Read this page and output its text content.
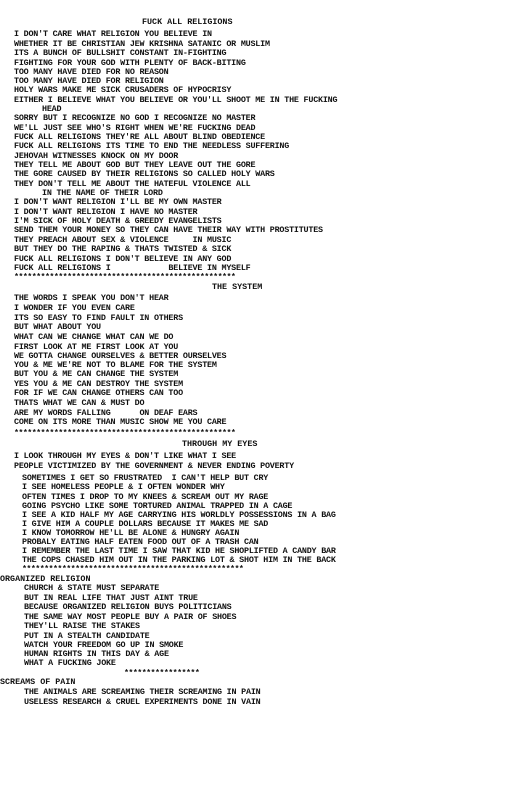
FUCK ALL RELIGIONS
I DON'T CARE WHAT RELIGION YOU BELIEVE IN
WHETHER IT BE CHRISTIAN JEW KRISHNA SATANIC OR MUSLIM
ITS A BUNCH OF BULLSHIT CONSTANT IN-FIGHTING
FIGHTING FOR YOUR GOD WITH PLENTY OF BACK-BITING
TOO MANY HAVE DIED FOR NO REASON
TOO MANY HAVE DIED FOR RELIGION
HOLY WARS MAKE ME SICK CRUSADERS OF HYPOCRISY
EITHER I BELIEVE WHAT YOU BELIEVE OR YOU'LL SHOOT ME IN THE FUCKING
HEAD
SORRY BUT I RECOGNIZE NO GOD I RECOGNIZE NO MASTER
WE'LL JUST SEE WHO'S RIGHT WHEN WE'RE FUCKING DEAD
FUCK ALL RELIGIONS THEY'RE ALL ABOUT BLIND OBEDIENCE
FUCK ALL RELIGIONS ITS TIME TO END THE NEEDLESS SUFFERING
JEHOVAH WITNESSES KNOCK ON MY DOOR
THEY TELL ME ABOUT GOD BUT THEY LEAVE OUT THE GORE
THE GORE CAUSED BY THEIR RELIGIONS SO CALLED HOLY WARS
THEY DON'T TELL ME ABOUT THE HATEFUL VIOLENCE ALL
IN THE NAME OF THEIR LORD
I DON'T WANT RELIGION I'LL BE MY OWN MASTER
I DON'T WANT RELIGION I HAVE NO MASTER
I'M SICK OF HOLY DEATH & GREEDY EVANGELISTS
SEND THEM YOUR MONEY SO THEY CAN HAVE THEIR WAY WITH PROSTITUTES
THEY PREACH ABOUT SEX & VIOLENCE     IN MUSIC
BUT THEY DO THE RAPING & THATS TWISTED & SICK
FUCK ALL RELIGIONS I DON'T BELIEVE IN ANY GOD
FUCK ALL RELIGIONS I            BELIEVE IN MYSELF
**************************************************
THE SYSTEM
THE WORDS I SPEAK YOU DON'T HEAR
I WONDER IF YOU EVEN CARE
ITS SO EASY TO FIND FAULT IN OTHERS
BUT WHAT ABOUT YOU
WHAT CAN WE CHANGE WHAT CAN WE DO
FIRST LOOK AT ME FIRST LOOK AT YOU
WE GOTTA CHANGE OURSELVES & BETTER OURSELVES
YOU & ME WE'RE NOT TO BLAME FOR THE SYSTEM
BUT YOU & ME CAN CHANGE THE SYSTEM
YES YOU & ME CAN DESTROY THE SYSTEM
FOR IF WE CAN CHANGE OTHERS CAN TOO
THATS WHAT WE CAN & MUST DO
ARE MY WORDS FALLING      ON DEAF EARS
COME ON ITS MORE THAN MUSIC SHOW ME YOU CARE
**************************************************
THROUGH MY EYES
I LOOK THROUGH MY EYES & DON'T LIKE WHAT I SEE
PEOPLE VICTIMIZED BY THE GOVERNMENT & NEVER ENDING POVERTY
SOMETIMES I GET SO FRUSTRATED  I CAN'T HELP BUT CRY
I SEE HOMELESS PEOPLE & I OFTEN WONDER WHY
OFTEN TIMES I DROP TO MY KNEES & SCREAM OUT MY RAGE
GOING PSYCHO LIKE SOME TORTURED ANIMAL TRAPPED IN A CAGE
I SEE A KID HALF MY AGE CARRYING HIS WORLDLY POSSESSIONS IN A BAG
I GIVE HIM A COUPLE DOLLARS BECAUSE IT MAKES ME SAD
I KNOW TOMORROW HE'LL BE ALONE & HUNGRY AGAIN
PROBALY EATING HALF EATEN FOOD OUT OF A TRASH CAN
I REMEMBER THE LAST TIME I SAW THAT KID HE SHOPLIFTED A CANDY BAR
THE COPS CHASED HIM OUT IN THE PARKING LOT & SHOT HIM IN THE BACK
**************************************************
ORGANIZED RELIGION
CHURCH & STATE MUST SEPARATE
BUT IN REAL LIFE THAT JUST AINT TRUE
BECAUSE ORGANIZED RELIGION BUYS POLITICIANS
THE SAME WAY MOST PEOPLE BUY A PAIR OF SHOES
THEY'LL RAISE THE STAKES
PUT IN A STEALTH CANDIDATE
WATCH YOUR FREEDOM GO UP IN SMOKE
HUMAN RIGHTS IN THIS DAY & AGE
WHAT A FUCKING JOKE
*****************
SCREAMS OF PAIN
THE ANIMALS ARE SCREAMING THEIR SCREAMING IN PAIN
USELESS RESEARCH & CRUEL EXPERIMENTS DONE IN VAIN
